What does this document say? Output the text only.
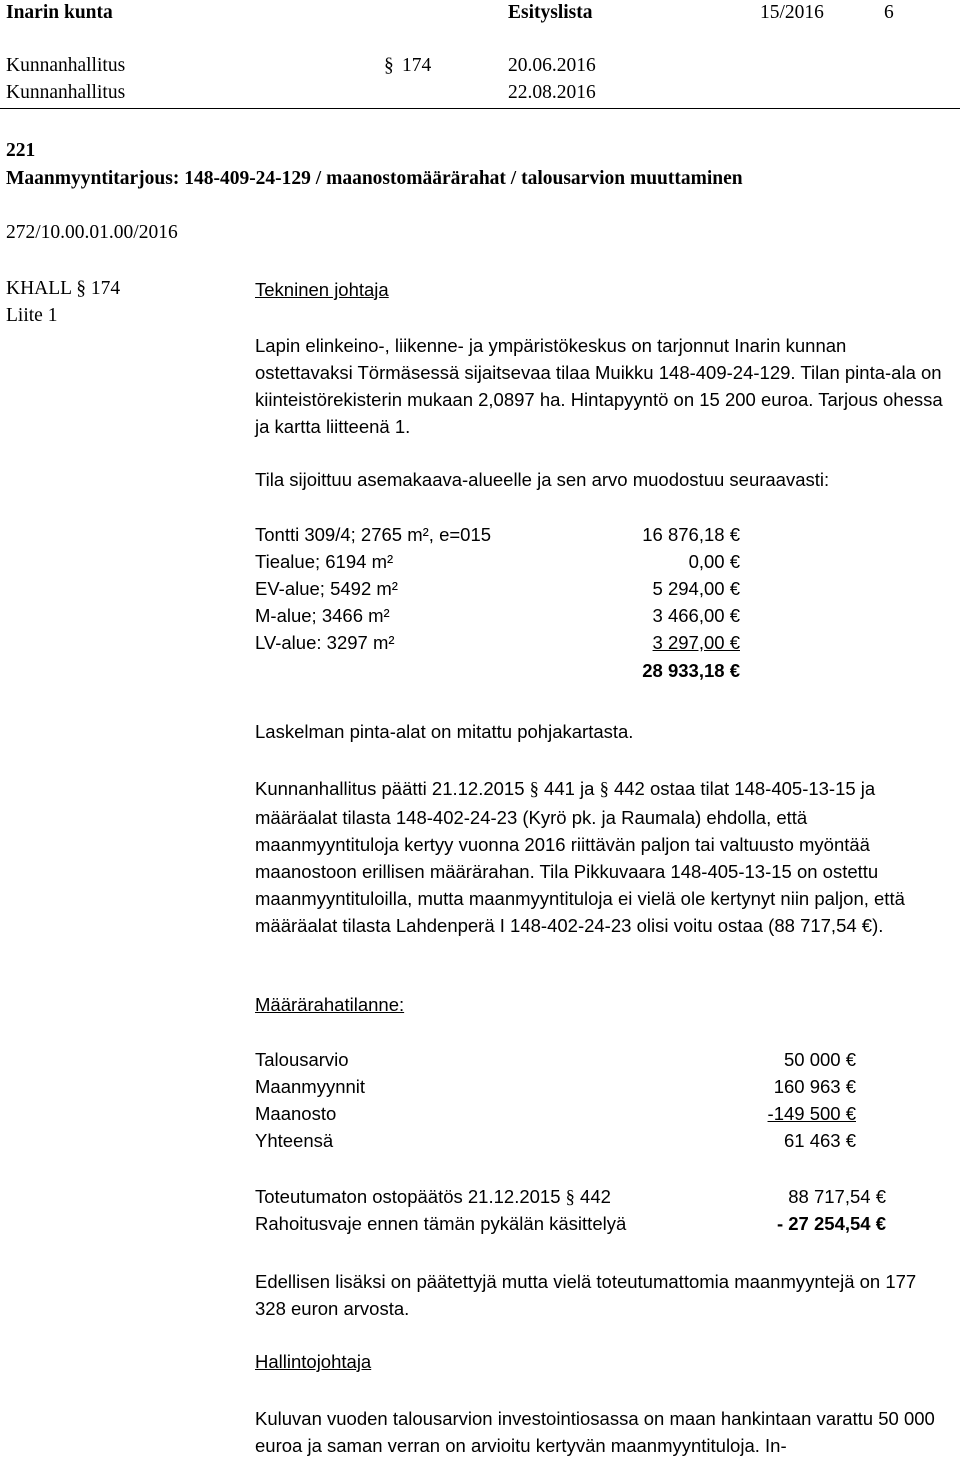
Inarin kunta	Esityslista	15/2016	6
Kunnanhallitus	§ 174	20.06.2016
Kunnanhallitus	22.08.2016
221
Maanmyyntitarjous: 148-409-24-129 / maanostomäärärahat / talousarvion muuttaminen
272/10.00.01.00/2016
KHALL § 174
Liite 1
Tekninen johtaja

Lapin elinkeino-, liikenne- ja ympäristökeskus on tarjonnut Inarin kunnan ostettavaksi Törmäsessä sijaitsevaa tilaa Muikku 148-409-24-129. Tilan pinta-ala on kiinteistörekisterin mukaan 2,0897 ha. Hintapyyntö on 15 200 euroa. Tarjous ohessa ja kartta liitteenä 1.

Tila sijoittuu asemakaava-alueelle ja sen arvo muodostuu seuraavasti:
Tontti 309/4; 2765 m², e=015	16 876,18 €
Tiealue; 6194 m²	0,00 €
EV-alue; 5492 m²	5 294,00 €
M-alue; 3466 m²	3 466,00 €
LV-alue: 3297 m²	3 297,00 €
28 933,18 €
Laskelman pinta-alat on mitattu pohjakartasta.

Kunnanhallitus päätti 21.12.2015 § 441 ja § 442 ostaa tilat 148-405-13-15 ja määräalat tilasta 148-402-24-23 (Kyrö pk. ja Raumala) ehdolla, että maanmyyntituloja kertyy vuonna 2016 riittävän paljon tai valtuusto myöntää maanostoon erillisen määrärahan. Tila Pikkuvaara 148-405-13-15 on ostettu maanmyyntituloilla, mutta maanmyyntituloja ei vielä ole kertynyt niin paljon, että määräalat tilasta Lahdenperä I 148-402-24-23 olisi voitu ostaa (88 717,54 €).

Määrärahatilanne:
Talousarvio	50 000 €
Maanmyynnit	160 963 €
Maanosto	-149 500 €
Yhteensä	61 463 €
Toteutumaton ostopäätös 21.12.2015 § 442	88 717,54 €
Rahoitusvaje ennen tämän pykälän käsittelyä	- 27 254,54 €

Edellisen lisäksi on päätettyjä mutta vielä toteutumattomia maanmyyntejä on 177 328 euron arvosta.

Hallintojohtaja

Kuluvan vuoden talousarvion investointiosassa on maan hankintaan varattu 50 000 euroa ja saman verran on arvioitu kertyvän maanmyyntituloja. In-
